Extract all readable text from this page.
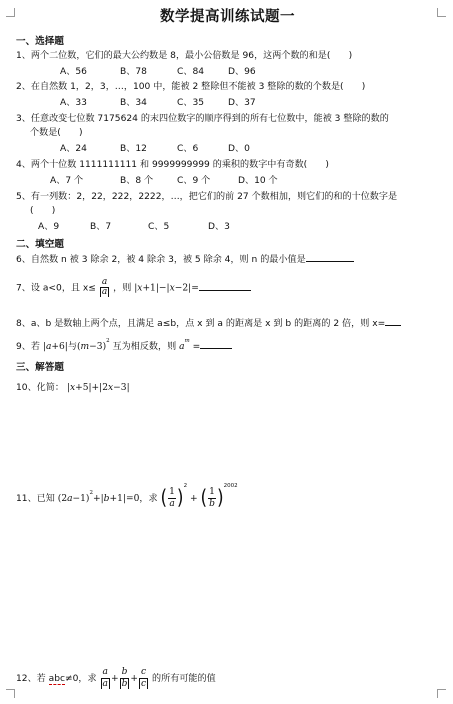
数学提高训练试题一
一、选择题
1、两个二位数，它们的最大公约数是 8，最小公倍数是 96，这两个数的和是(　　)
A、56	B、78	C、84	D、96
2、在自然数 1，2，3，…，100 中，能被 2 整除但不能被 3 整除的数的个数是(　　)
A、33	B、34	C、35	D、37
3、任意改变七位数 7175624 的末四位数字的顺序得到的所有七位数中，能被 3 整除的数的
个数是(　　)
A、24	B、12	C、6	D、0
4、两个十位数 1111111111 和 9999999999 的乘积的数字中有奇数(　　)
A、7 个	B、8 个	C、9 个	D、10 个
5、有一列数：2，22，222，2222，…，把它们的前 27 个数相加，则它们的和的十位数字是
(　　)
A、9	B、7	C、5	D、3
二、填空题
6、自然数 n 被 3 除余 2，被 4 除余 3，被 5 除余 4，则 n 的最小值是
7、设 a<0，且 $x\le \frac{a}{a}$ ，则 |x+1|−|x−2|=
8、a、b 是数轴上两个点，且满足 a≤b，点 x 到 a 的距离是 x 到 b 的距离的 2 倍，则 x=
9、若 |a+6|与$(m-3)^2$ 互为相反数，则 $a^m$ =
三、解答题
10、化简： |x+5|+|2x−3|
11、已知 $(2a-1)^2+|b+1|=0$，求 ( $\frac{1}{a} )^2$ + ( $\frac{1}{b} )^{2002}$
12、若 abc≠0，求 $\frac{a}{a} + \frac{b}{b} + \frac{c}{c}$ 的所有可能的值
